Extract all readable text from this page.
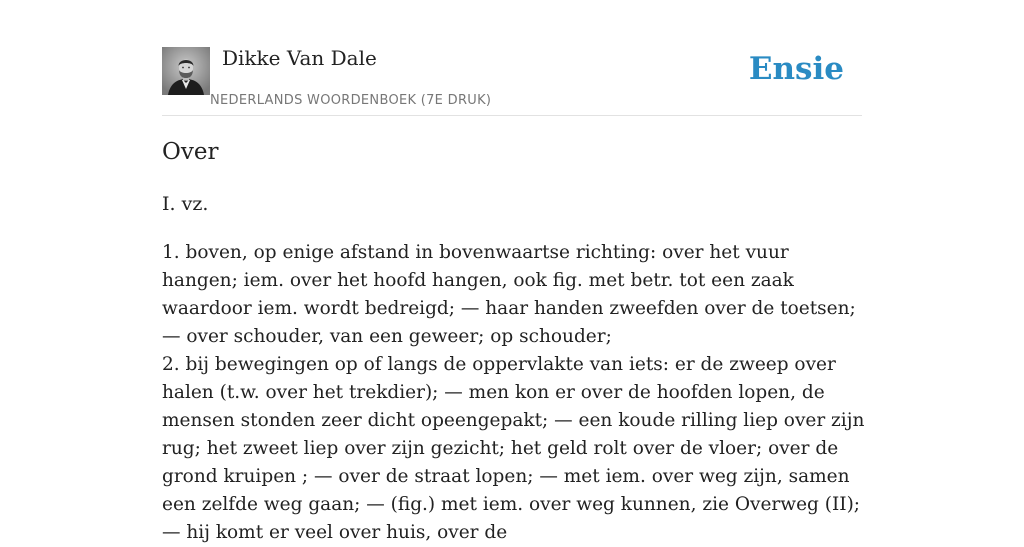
Dikke Van Dale
NEDERLANDS WOORDENBOEK (7E DRUK)
Ensie
Over

I. vz.

1. boven, op enige afstand in bovenwaartse richting: over het vuur hangen; iem. over het hoofd hangen, ook fig. met betr. tot een zaak waardoor iem. wordt bedreigd; — haar handen zweefden over de toetsen; — over schouder, van een geweer; op schouder;

2. bij bewegingen op of langs de oppervlakte van iets: er de zweep over halen (t.w. over het trekdier); — men kon er over de hoofden lopen, de mensen stonden zeer dicht opeengepakt; — een koude rilling liep over zijn rug; het zweet liep over zijn gezicht; het geld rolt over de vloer; over de grond kruipen ; — over de straat lopen; — met iem. over weg zijn, samen een zelfde weg gaan; — (fig.) met iem. over weg kunnen, zie Overweg (II); — hij komt er veel over huis, over de
